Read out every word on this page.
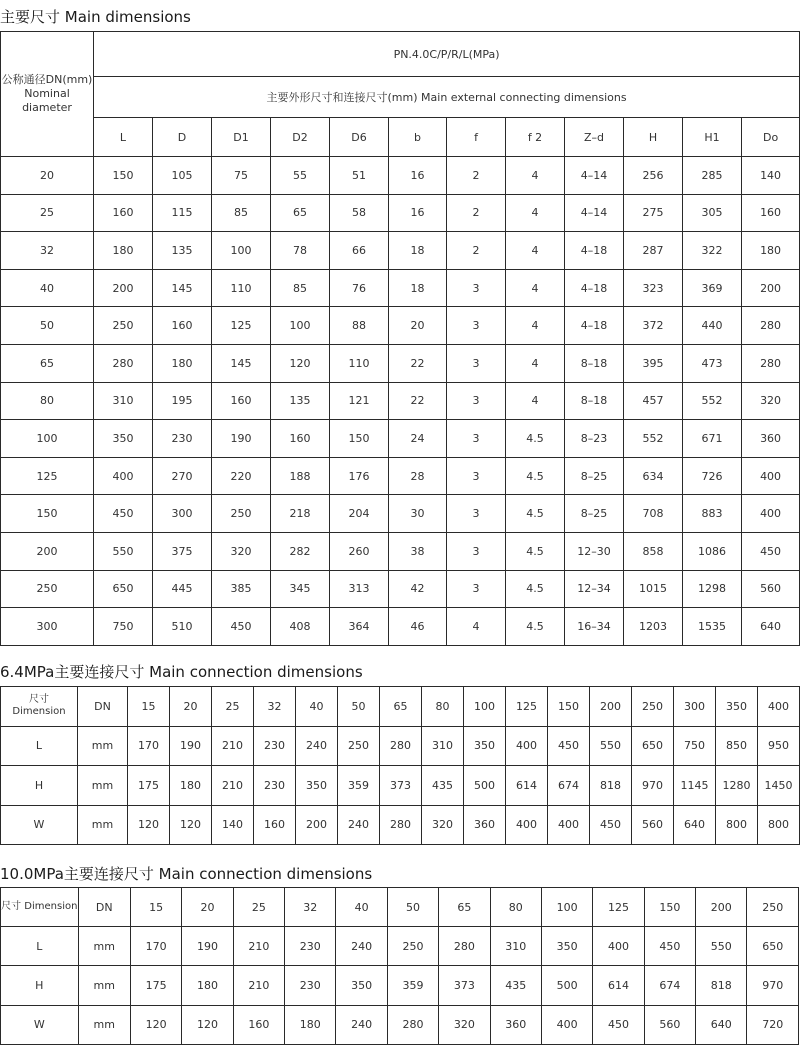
主要尺寸 Main dimensions
公称通径DN(mm) Nominal diameter	PN.4.0C/P/R/L(MPa)											
	主要外形尺寸和连接尺寸(mm) Main external connecting dimensions											
	L	D	D1	D2	D6	b	f	f 2	Z–d	H	H1	Do
20	150	105	75	55	51	16	2	4	4–14	256	285	140
25	160	115	85	65	58	16	2	4	4–14	275	305	160
32	180	135	100	78	66	18	2	4	4–18	287	322	180
40	200	145	110	85	76	18	3	4	4–18	323	369	200
50	250	160	125	100	88	20	3	4	4–18	372	440	280
65	280	180	145	120	110	22	3	4	8–18	395	473	280
80	310	195	160	135	121	22	3	4	8–18	457	552	320
100	350	230	190	160	150	24	3	4.5	8–23	552	671	360
125	400	270	220	188	176	28	3	4.5	8–25	634	726	400
150	450	300	250	218	204	30	3	4.5	8–25	708	883	400
200	550	375	320	282	260	38	3	4.5	12–30	858	1086	450
250	650	445	385	345	313	42	3	4.5	12–34	1015	1298	560
300	750	510	450	408	364	46	4	4.5	16–34	1203	1535	640
6.4MPa主要连接尺寸 Main connection dimensions
尺寸 Dimension	DN	15	20	25	32	40	50	65	80	100	125	150	200	250	300	350	400
L	mm	170	190	210	230	240	250	280	310	350	400	450	550	650	750	850	950
H	mm	175	180	210	230	350	359	373	435	500	614	674	818	970	1145	1280	1450
W	mm	120	120	140	160	200	240	280	320	360	400	400	450	560	640	800	800
10.0MPa主要连接尺寸 Main connection dimensions
尺寸 Dimension	DN	15	20	25	32	40	50	65	80	100	125	150	200	250
L	mm	170	190	210	230	240	250	280	310	350	400	450	550	650
H	mm	175	180	210	230	350	359	373	435	500	614	674	818	970
W	mm	120	120	160	180	240	280	320	360	400	450	560	640	720
